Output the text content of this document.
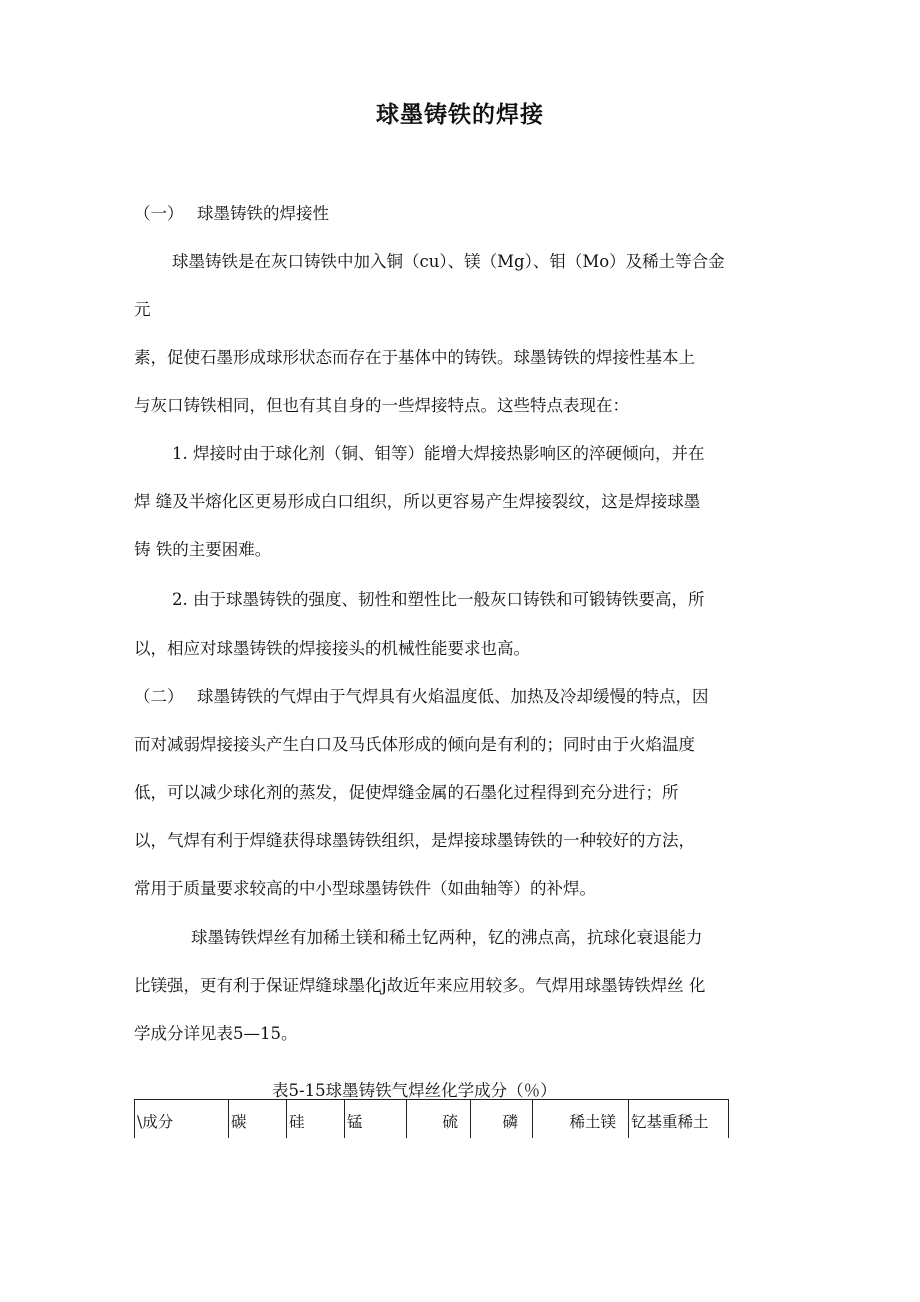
球墨铸铁的焊接
（一）　 球墨铸铁的焊接性
球墨铸铁是在灰口铸铁中加入铜（cu）、镁（Mg）、钼（Mo）及稀土等合金
元
素，促使石墨形成球形状态而存在于基体中的铸铁。球墨铸铁的焊接性基本上
与灰口铸铁相同，但也有其自身的一些焊接特点。这些特点表现在：
1. 焊接时由于球化剂（铜、钼等）能增大焊接热影响区的淬硬倾向，并在
焊 缝及半熔化区更易形成白口组织，所以更容易产生焊接裂纹，这是焊接球墨
铸 铁的主要困难。
2. 由于球墨铸铁的强度、韧性和塑性比一般灰口铸铁和可锻铸铁要高，所
以，相应对球墨铸铁的焊接接头的机械性能要求也高。
（二）　 球墨铸铁的气焊由于气焊具有火焰温度低、加热及冷却缓慢的特点，因
而对减弱焊接接头产生白口及马氏体形成的倾向是有利的；同时由于火焰温度
低，可以减少球化剂的蒸发，促使焊缝金属的石墨化过程得到充分进行；所
以，气焊有利于焊缝获得球墨铸铁组织，是焊接球墨铸铁的一种较好的方法，
常用于质量要求较高的中小型球墨铸铁件（如曲轴等）的补焊。
球墨铸铁焊丝有加稀土镁和稀土钇两种，钇的沸点高，抗球化衰退能力
比镁强，更有利于保证焊缝球墨化j故近年来应用较多。气焊用球墨铸铁焊丝 化
学成分详见表5—15。
表5-15球墨铸铁气焊丝化学成分（％）
\成分	碳	硅	锰	硫	磷	稀土镁	钇基重稀土
